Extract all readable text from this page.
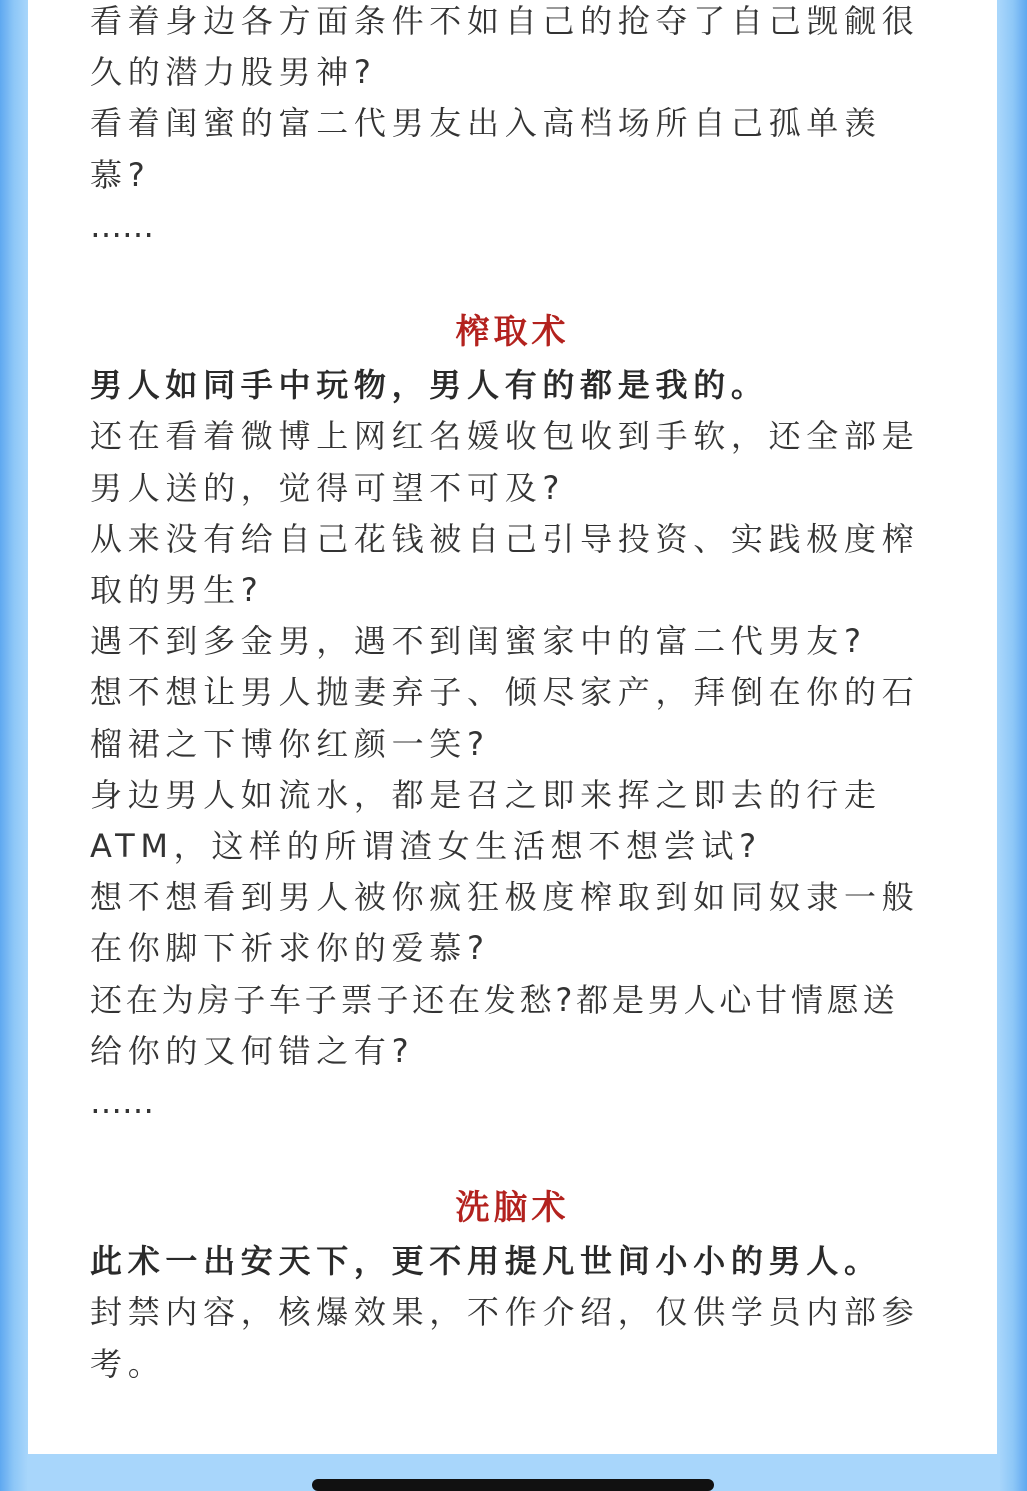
看着身边各方面条件不如自己的抢夺了自己觊觎很

久的潜力股男神?

看着闺蜜的富二代男友出入高档场所自己孤单羡

慕?

……

榨取术

男人如同手中玩物，男人有的都是我的。

还在看着微博上网红名媛收包收到手软，还全部是

男人送的，觉得可望不可及?

从来没有给自己花钱被自己引导投资、实践极度榨

取的男生?

遇不到多金男，遇不到闺蜜家中的富二代男友?

想不想让男人抛妻弃子、倾尽家产，拜倒在你的石

榴裙之下博你红颜一笑?

身边男人如流水，都是召之即来挥之即去的行走

ATM，这样的所谓渣女生活想不想尝试?

想不想看到男人被你疯狂极度榨取到如同奴隶一般

在你脚下祈求你的爱慕?

还在为房子车子票子还在发愁?都是男人心甘情愿送

给你的又何错之有?

……

洗脑术

此术一出安天下，更不用提凡世间小小的男人。

封禁内容，核爆效果，不作介绍，仅供学员内部参

考。
